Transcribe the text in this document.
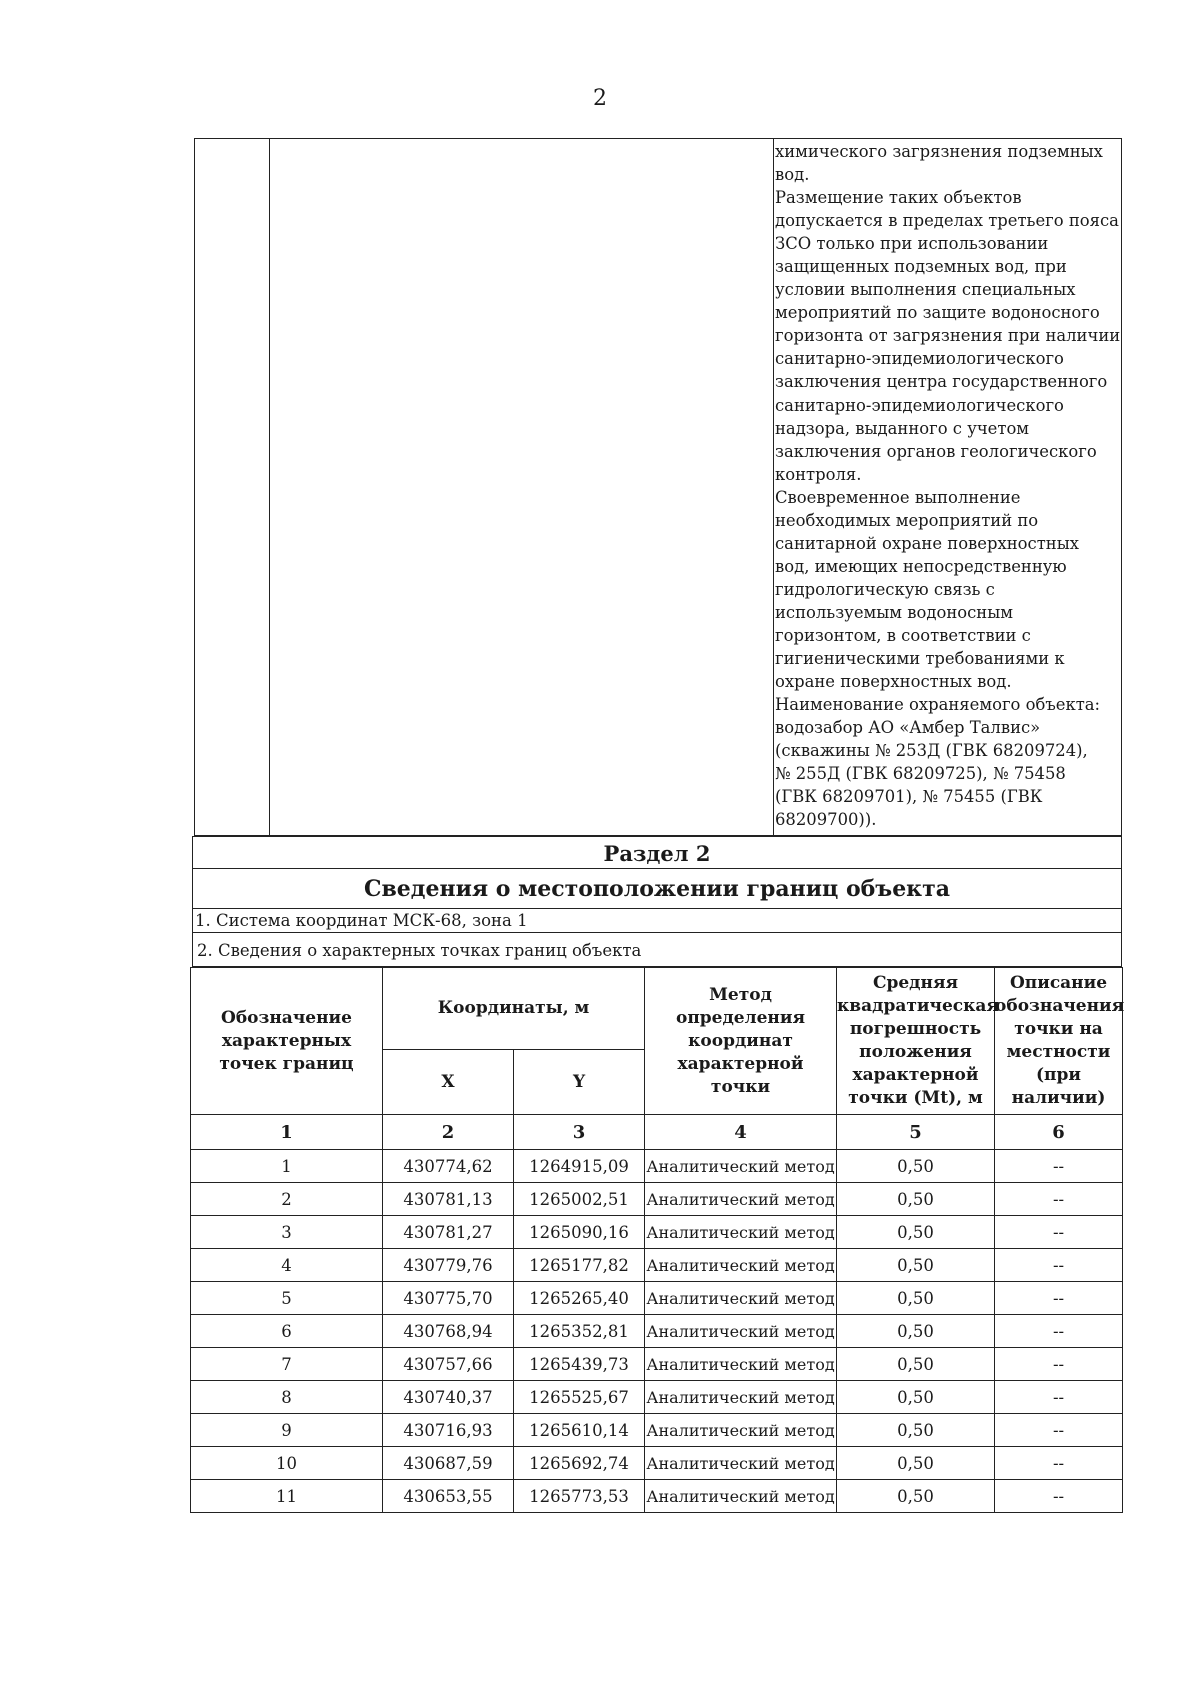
2
химического загрязнения подземных
вод.
Размещение таких объектов
допускается в пределах третьего пояса
ЗСО только при использовании
защищенных подземных вод, при
условии выполнения специальных
мероприятий по защите водоносного
горизонта от загрязнения при наличии
санитарно-эпидемиологического
заключения центра государственного
санитарно-эпидемиологического
надзора, выданного с учетом
заключения органов геологического
контроля.
Своевременное выполнение
необходимых мероприятий по
санитарной охране поверхностных
вод, имеющих непосредственную
гидрологическую связь с
используемым водоносным
горизонтом, в соответствии с
гигиеническими требованиями к
охране поверхностных вод.
Наименование охраняемого объекта:
водозабор АО «Амбер Талвис»
(скважины № 253Д (ГВК 68209724),
№ 255Д (ГВК 68209725), № 75458
(ГВК 68209701), № 75455 (ГВК
68209700)).
Раздел 2
Сведения о местоположении границ объекта
1. Система координат МСК-68, зона 1
2. Сведения о характерных точках границ объекта
Обозначение характерных точек границ	Координаты, м		Метод определения координат характерной точки	Средняя квадратическая погрешность положения характерной точки (Mt), м	Описание обозначения точки на местности (при наличии)
	X	Y			
1	2	3	4	5	6
1	430774,62	1264915,09	Аналитический метод	0,50	--
2	430781,13	1265002,51	Аналитический метод	0,50	--
3	430781,27	1265090,16	Аналитический метод	0,50	--
4	430779,76	1265177,82	Аналитический метод	0,50	--
5	430775,70	1265265,40	Аналитический метод	0,50	--
6	430768,94	1265352,81	Аналитический метод	0,50	--
7	430757,66	1265439,73	Аналитический метод	0,50	--
8	430740,37	1265525,67	Аналитический метод	0,50	--
9	430716,93	1265610,14	Аналитический метод	0,50	--
10	430687,59	1265692,74	Аналитический метод	0,50	--
11	430653,55	1265773,53	Аналитический метод	0,50	--
